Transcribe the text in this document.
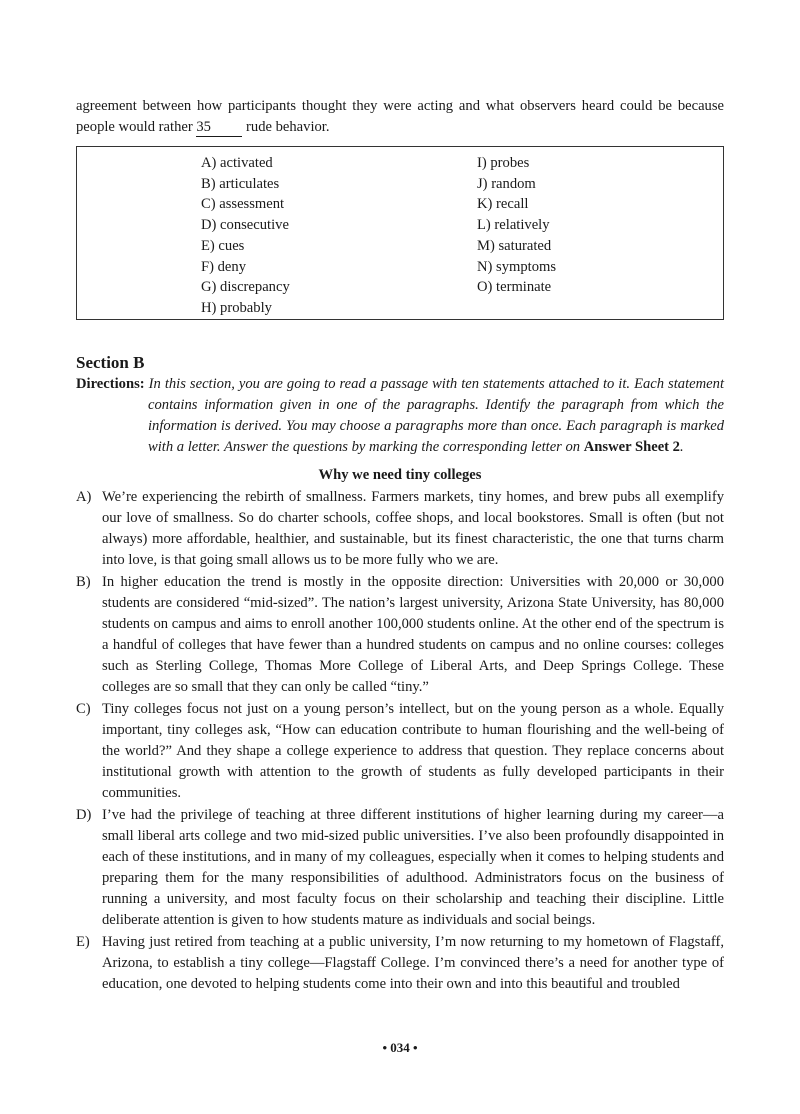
agreement between how participants thought they were acting and what observers heard could be because people would rather 35 rude behavior.

A) activated
B) articulates
C) assessment
D) consecutive
E) cues
F) deny
G) discrepancy
H) probably
I) probes
J) random
K) recall
L) relatively
M) saturated
N) symptoms
O) terminate
Section B
Directions: In this section, you are going to read a passage with ten statements attached to it. Each statement contains information given in one of the paragraphs. Identify the paragraph from which the information is derived. You may choose a paragraphs more than once. Each paragraph is marked with a letter. Answer the questions by marking the corresponding letter on Answer Sheet 2.
Why we need tiny colleges
A) We’re experiencing the rebirth of smallness. Farmers markets, tiny homes, and brew pubs all exemplify our love of smallness. So do charter schools, coffee shops, and local bookstores. Small is often (but not always) more affordable, healthier, and sustainable, but its finest characteristic, the one that turns charm into love, is that going small allows us to be more fully who we are.
B) In higher education the trend is mostly in the opposite direction: Universities with 20,000 or 30,000 students are considered “mid-sized”. The nation’s largest university, Arizona State University, has 80,000 students on campus and aims to enroll another 100,000 students online. At the other end of the spectrum is a handful of colleges that have fewer than a hundred students on campus and no online courses: colleges such as Sterling College, Thomas More College of Liberal Arts, and Deep Springs College. These colleges are so small that they can only be called “tiny.”
C) Tiny colleges focus not just on a young person’s intellect, but on the young person as a whole. Equally important, tiny colleges ask, “How can education contribute to human flourishing and the well-being of the world?” And they shape a college experience to address that question. They replace concerns about institutional growth with attention to the growth of students as fully developed participants in their communities.
D) I’ve had the privilege of teaching at three different institutions of higher learning during my career—a small liberal arts college and two mid-sized public universities. I’ve also been profoundly disappointed in each of these institutions, and in many of my colleagues, especially when it comes to helping students and preparing them for the many responsibilities of adulthood. Administrators focus on the business of running a university, and most faculty focus on their scholarship and teaching their discipline. Little deliberate attention is given to how students mature as individuals and social beings.
E) Having just retired from teaching at a public university, I’m now returning to my hometown of Flagstaff, Arizona, to establish a tiny college—Flagstaff College. I’m convinced there’s a need for another type of education, one devoted to helping students come into their own and into this beautiful and troubled
• 034 •
